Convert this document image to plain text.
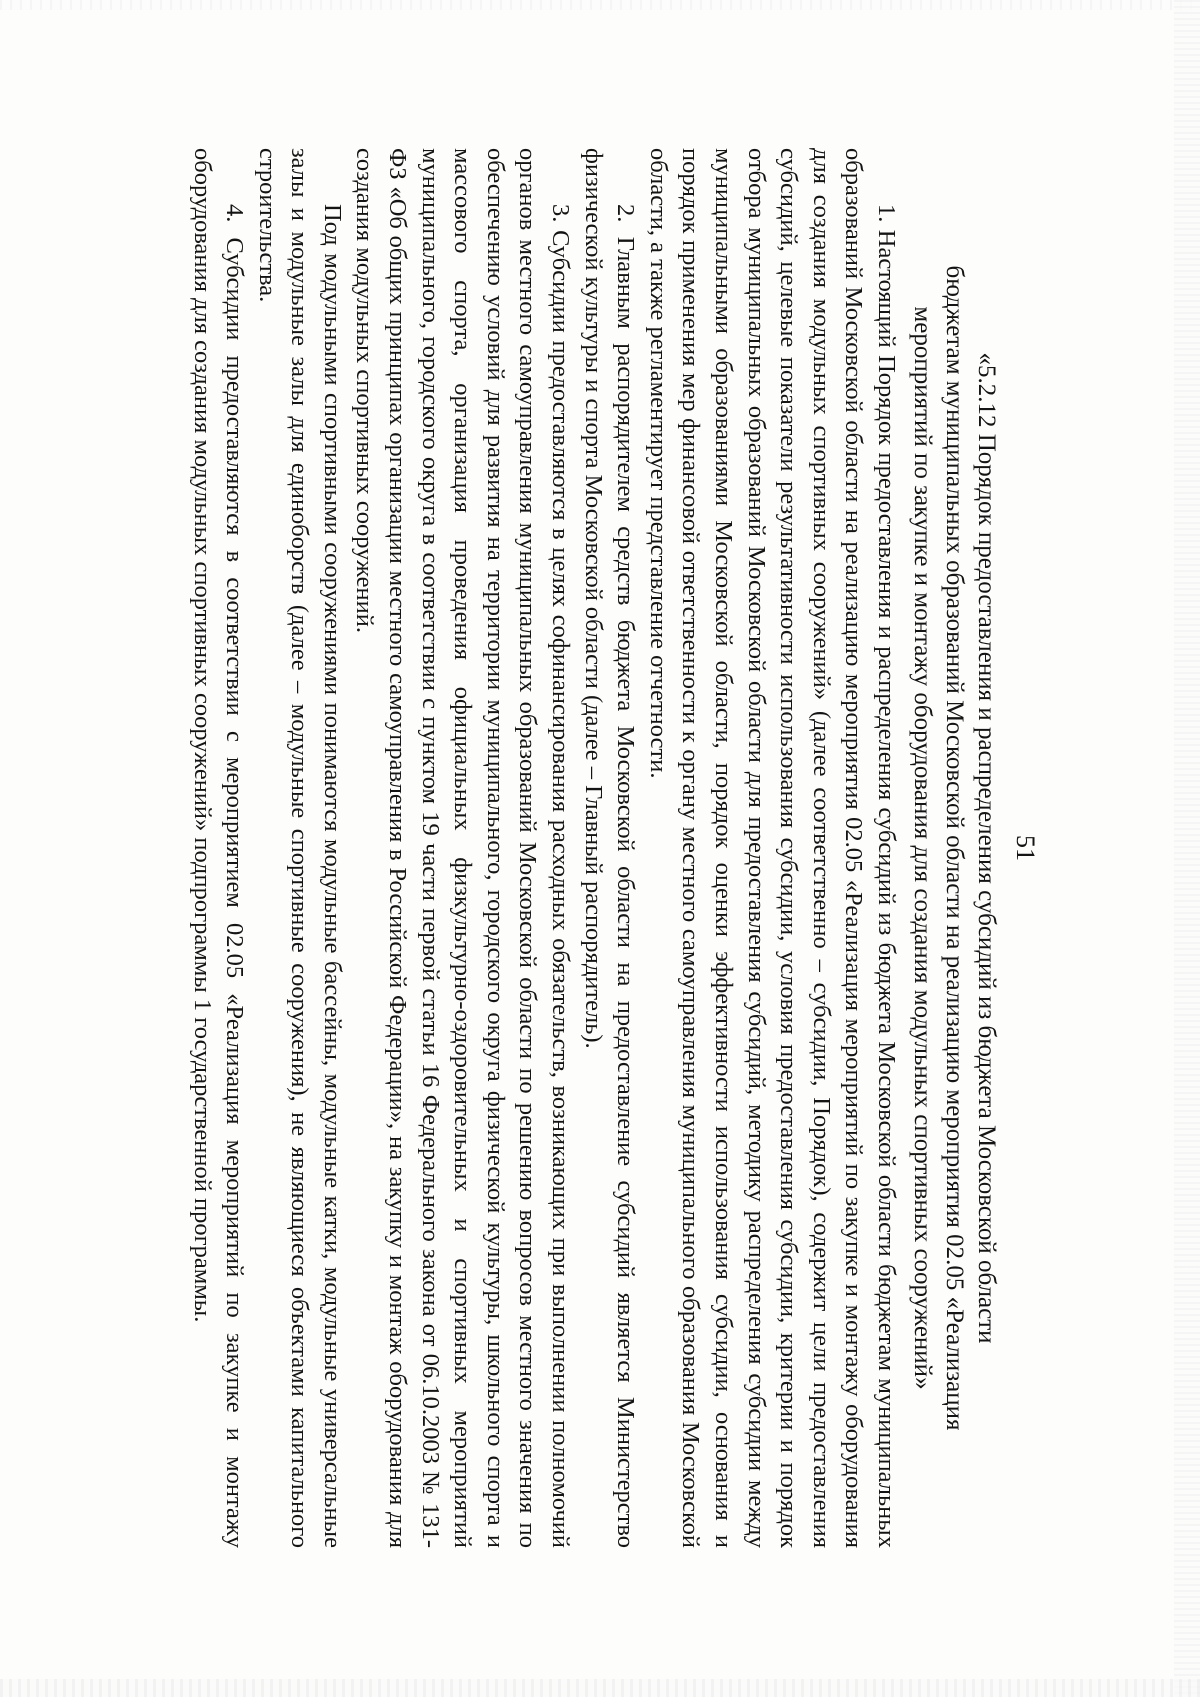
51

«5.2.12 Порядок предоставления и распределения субсидий из бюджета Московской области

бюджетам муниципальных образований Московской области на реализацию мероприятия 02.05 «Реализация

мероприятий по закупке и монтажу оборудования для создания модульных спортивных сооружений»

1. Настоящий Порядок предоставления и распределения субсидий из бюджета Московской области бюджетам муниципальных образований Московской области на реализацию мероприятия 02.05 «Реализация мероприятий по закупке и монтажу оборудования для создания модульных спортивных сооружений» (далее соответственно – субсидии, Порядок), содержит цели предоставления субсидий, целевые показатели результативности использования субсидии, условия предоставления субсидии, критерии и порядок отбора муниципальных образований Московской области для предоставления субсидий, методику распределения субсидии между муниципальными образованиями Московской области, порядок оценки эффективности использования субсидии, основания и порядок применения мер финансовой ответственности к органу местного самоуправления муниципального образования Московской области, а также регламентирует представление отчетности.

2. Главным распорядителем средств бюджета Московской области на предоставление субсидий является Министерство физической культуры и спорта Московской области (далее – Главный распорядитель).

3. Субсидии предоставляются в целях софинансирования расходных обязательств, возникающих при выполнении полномочий органов местного самоуправления муниципальных образований Московской области по решению вопросов местного значения по обеспечению условий для развития на территории муниципального, городского округа физической культуры, школьного спорта и массового спорта, организация проведения официальных физкультурно-оздоровительных и спортивных мероприятий муниципального, городского округа в соответствии с пунктом 19 части первой статьи 16 Федерального закона от 06.10.2003 № 131-ФЗ «Об общих принципах организации местного самоуправления в Российской Федерации», на закупку и монтаж оборудования для создания модульных спортивных сооружений.

Под модульными спортивными сооружениями понимаются модульные бассейны, модульные катки, модульные универсальные залы и модульные залы для единоборств (далее – модульные спортивные сооружения), не являющиеся объектами капитального строительства.

4. Субсидии предоставляются в соответствии с мероприятием 02.05 «Реализация мероприятий по закупке и монтажу оборудования для создания модульных спортивных сооружений» подпрограммы 1 государственной программы.
